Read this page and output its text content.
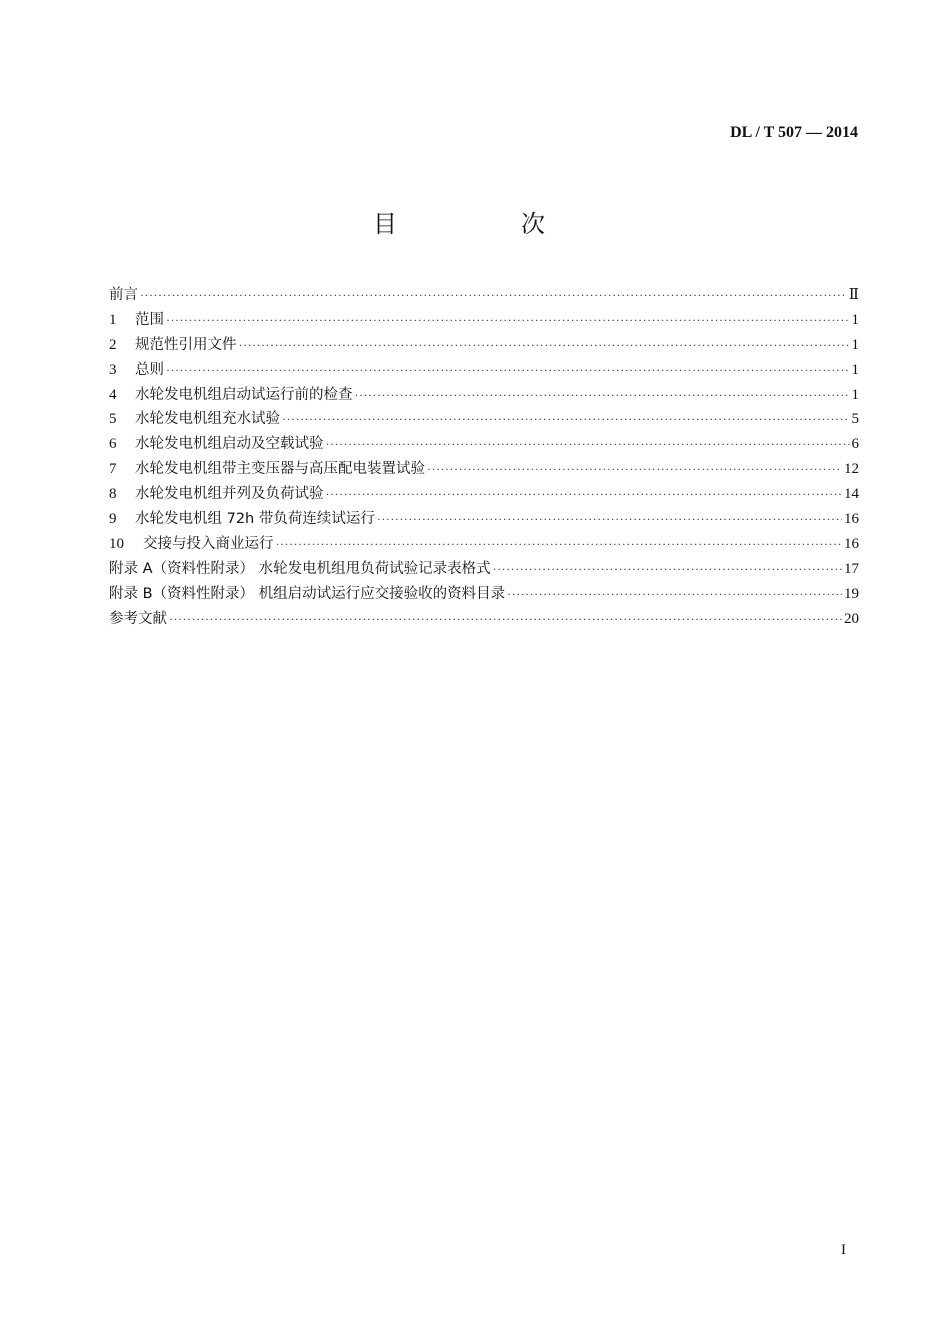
DL / T 507 — 2014
目　次
前言 ·····	Ⅱ
1	范围 ·····	1
2	规范性引用文件 ·····	1
3	总则 ·····	1
4	水轮发电机组启动试运行前的检查 ·····	1
5	水轮发电机组充水试验 ·····	5
6	水轮发电机组启动及空载试验 ·····	6
7	水轮发电机组带主变压器与高压配电装置试验 ·····	12
8	水轮发电机组并列及负荷试验 ·····	14
9	水轮发电机组 72h 带负荷连续试运行 ·····	16
10	交接与投入商业运行 ·····	16
附录 A（资料性附录） 水轮发电机组甩负荷试验记录表格式 ·····	17
附录 B（资料性附录） 机组启动试运行应交接验收的资料目录 ·····	19
参考文献 ·····	20
I
